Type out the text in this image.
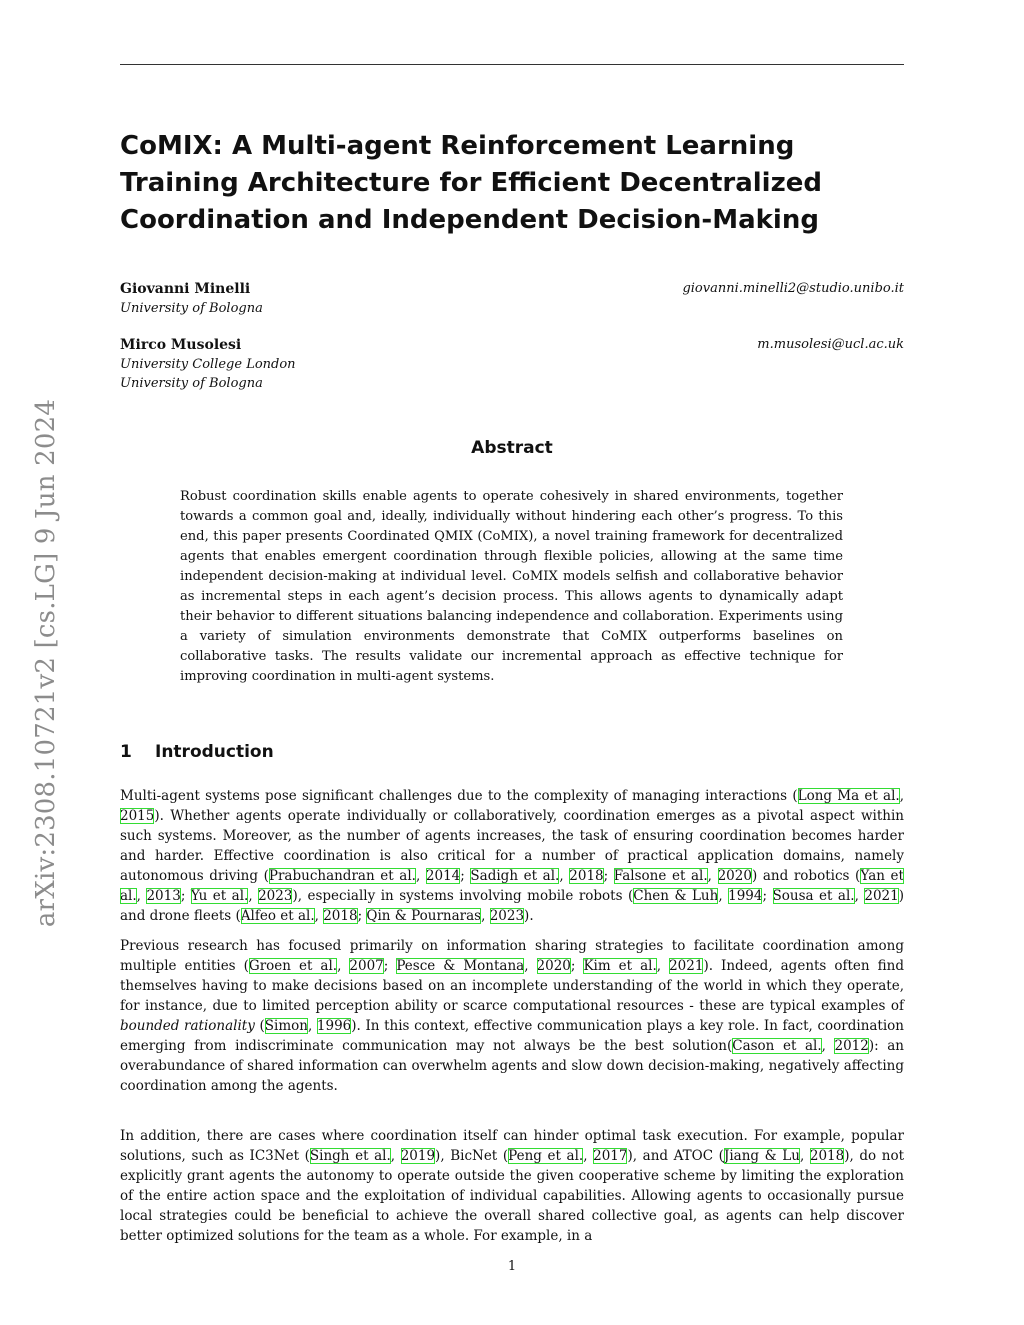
arXiv:2308.10721v2 [cs.LG] 9 Jun 2024
CoMIX: A Multi-agent Reinforcement Learning Training Architecture for Efficient Decentralized Coordination and Independent Decision-Making
Giovanni Minelli
University of Bologna
giovanni.minelli2@studio.unibo.it
Mirco Musolesi
University College London
University of Bologna
m.musolesi@ucl.ac.uk
Abstract

Robust coordination skills enable agents to operate cohesively in shared environments, together towards a common goal and, ideally, individually without hindering each other’s progress. To this end, this paper presents Coordinated QMIX (CoMIX), a novel training framework for decentralized agents that enables emergent coordination through flexible policies, allowing at the same time independent decision-making at individual level. CoMIX models selfish and collaborative behavior as incremental steps in each agent’s decision process. This allows agents to dynamically adapt their behavior to different situations balancing independence and collaboration. Experiments using a variety of simulation environments demonstrate that CoMIX outperforms baselines on collaborative tasks. The results validate our incremental approach as effective technique for improving coordination in multi-agent systems.

1 Introduction

Multi-agent systems pose significant challenges due to the complexity of managing interactions (Long Ma et al., 2015). Whether agents operate individually or collaboratively, coordination emerges as a pivotal aspect within such systems. Moreover, as the number of agents increases, the task of ensuring coordination becomes harder and harder. Effective coordination is also critical for a number of practical application domains, namely autonomous driving (Prabuchandran et al., 2014; Sadigh et al., 2018; Falsone et al., 2020) and robotics (Yan et al., 2013; Yu et al., 2023), especially in systems involving mobile robots (Chen & Luh, 1994; Sousa et al., 2021) and drone fleets (Alfeo et al., 2018; Qin & Pournaras, 2023).

Previous research has focused primarily on information sharing strategies to facilitate coordination among multiple entities (Groen et al., 2007; Pesce & Montana, 2020; Kim et al., 2021). Indeed, agents often find themselves having to make decisions based on an incomplete understanding of the world in which they operate, for instance, due to limited perception ability or scarce computational resources - these are typical examples of bounded rationality (Simon, 1996). In this context, effective communication plays a key role. In fact, coordination emerging from indiscriminate communication may not always be the best solution(Cason et al., 2012): an overabundance of shared information can overwhelm agents and slow down decision-making, negatively affecting coordination among the agents.

In addition, there are cases where coordination itself can hinder optimal task execution. For example, popular solutions, such as IC3Net (Singh et al., 2019), BicNet (Peng et al., 2017), and ATOC (Jiang & Lu, 2018), do not explicitly grant agents the autonomy to operate outside the given cooperative scheme by limiting the exploration of the entire action space and the exploitation of individual capabilities. Allowing agents to occasionally pursue local strategies could be beneficial to achieve the overall shared collective goal, as agents can help discover better optimized solutions for the team as a whole. For example, in a

1
